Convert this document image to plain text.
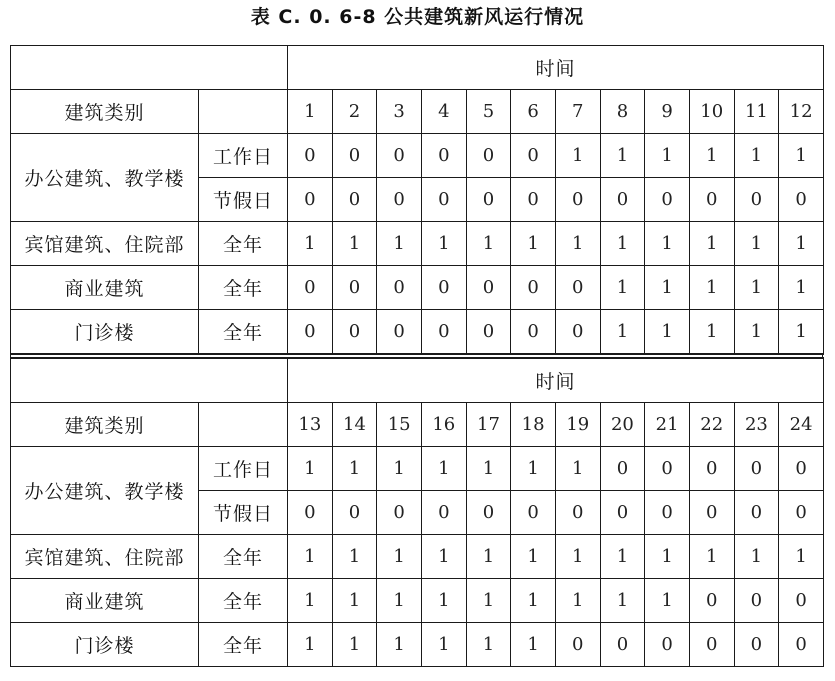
表 C. 0. 6-8 公共建筑新风运行情况
		时间											
建筑类别		1	2	3	4	5	6	7	8	9	10	11	12
办公建筑、教学楼	工作日	0	0	0	0	0	0	1	1	1	1	1	1
	节假日	0	0	0	0	0	0	0	0	0	0	0	0
宾馆建筑、住院部	全年	1	1	1	1	1	1	1	1	1	1	1	1
商业建筑	全年	0	0	0	0	0	0	0	1	1	1	1	1
门诊楼	全年	0	0	0	0	0	0	0	1	1	1	1	1
		时间											
建筑类别		13	14	15	16	17	18	19	20	21	22	23	24
办公建筑、教学楼	工作日	1	1	1	1	1	1	1	0	0	0	0	0
	节假日	0	0	0	0	0	0	0	0	0	0	0	0
宾馆建筑、住院部	全年	1	1	1	1	1	1	1	1	1	1	1	1
商业建筑	全年	1	1	1	1	1	1	1	1	1	0	0	0
门诊楼	全年	1	1	1	1	1	1	0	0	0	0	0	0
